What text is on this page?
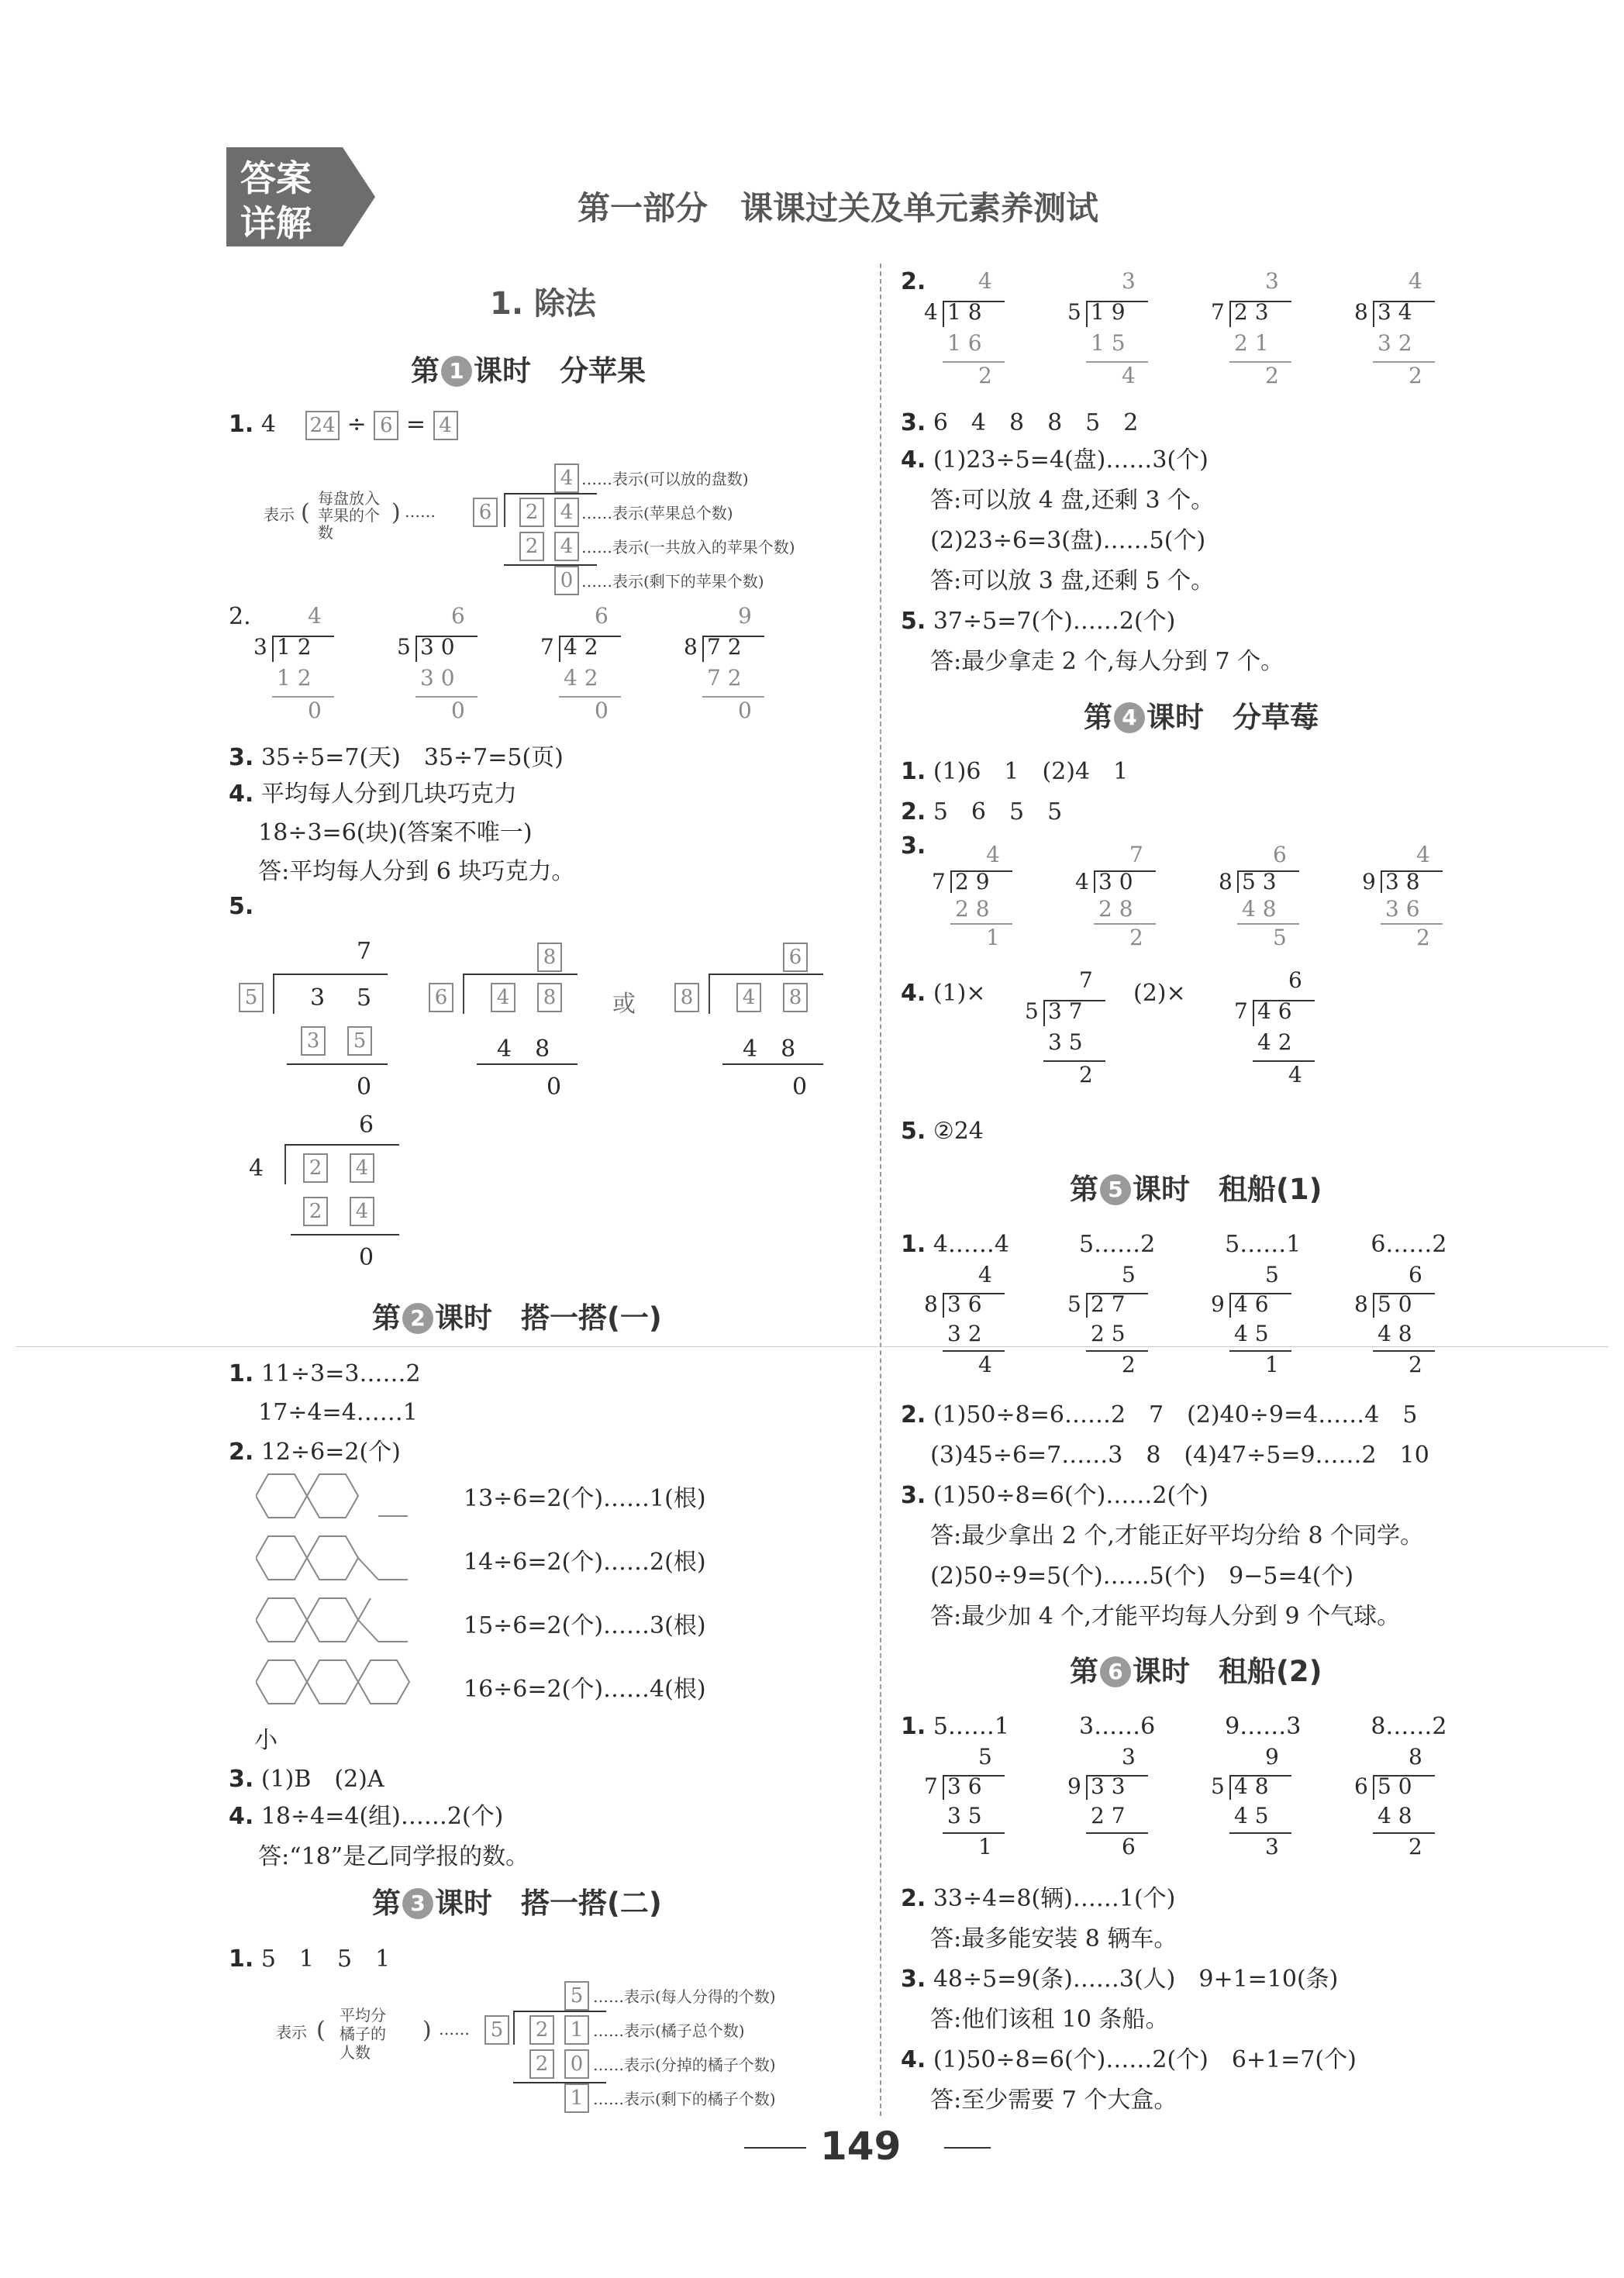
答案
详解	第一部分　课课过关及单元素养测试
1. 除法
第 1 课时　分苹果
1. 4 24 ÷ 6 = 4
表示 (
每盘放入苹果的个数
) …… 6
4
2 4
2 4
0
……表示(可以放的盘数)
……表示(苹果总个数)
……表示(一共放入的苹果个数)
……表示(剩下的苹果个数)
2.	4
3 1 2
1 2
0
6
5 3 0
3 0
0
6
7 4 2
4 2
0
9
8 7 2
7 2
0
3. 35÷5=7(天)　35÷7=5(页)
4. 平均每人分到几块巧克力
18÷3=6(块)(答案不唯一)
答:平均每人分到 6 块巧克力。
5.
7
5 3 5
3 5
0
8
6 4 8
4　8
0
或
6
8 4 8
4　8
0
6
4 2 4
2 4
0
第 2 课时　搭一搭(一)
1. 11÷3=3……2
17÷4=4……1
2. 12÷6=2(个)
13÷6=2(个)……1(根)
14÷6=2(个)……2(根)
15÷6=2(个)……3(根)
16÷6=2(个)……4(根)
小
3. (1)B　(2)A
4. 18÷4=4(组)……2(个)
答:“18”是乙同学报的数。
第 3 课时　搭一搭(二)
1. 5　1　5　1
表示 (
平均分橘子的人数
) …… 5
5
2 1
2 0
1
……表示(每人分得的个数)
……表示(橘子总个数)
……表示(分掉的橘子个数)
……表示(剩下的橘子个数)
2. 4
4 1 8
1 6
2
3
5 1 9
1 5
4
3
7 2 3
2 1
2
4
8 3 4
3 2
2
3. 6　4　8　8　5　2
4. (1)23÷5=4(盘)……3(个)
答:可以放 4 盘,还剩 3 个。
(2)23÷6=3(盘)……5(个)
答:可以放 3 盘,还剩 5 个。
5. 37÷5=7(个)……2(个)
答:最少拿走 2 个,每人分到 7 个。
第 4 课时　分草莓
1. (1)6　1　(2)4　1
2. 5　6　5　5
3.	4
7 2 9
2 8
1
7
4 3 0
2 8
2
6
8 5 3
4 8
5
4
9 3 8
3 6
2
4. (1)×	(2)×
7
5 3 7
3 5
2
6
7 4 6
4 2
4
5. ②24
第 5 课时　租船(1)
1. 4……4　　　5……2　　　5……1　　　6……2
4
8 3 6
3 2
4
5
5 2 7
2 5
2
5
9 4 6
4 5
1
6
8 5 0
4 8
2
2. (1)50÷8=6……2　7　(2)40÷9=4……4　5
(3)45÷6=7……3　8　(4)47÷5=9……2　10
3. (1)50÷8=6(个)……2(个)
答:最少拿出 2 个,才能正好平均分给 8 个同学。
(2)50÷9=5(个)……5(个)　9−5=4(个)
答:最少加 4 个,才能平均每人分到 9 个气球。
第 6 课时　租船(2)
1. 5……1　　　3……6　　　9……3　　　8……2
5
7 3 6
3 5
1
3
9 3 3
2 7
6
9
5 4 8
4 5
3
8
6 5 0
4 8
2
2. 33÷4=8(辆)……1(个)
答:最多能安装 8 辆车。
3. 48÷5=9(条)……3(人)　9+1=10(条)
答:他们该租 10 条船。
4. (1)50÷8=6(个)……2(个)　6+1=7(个)
答:至少需要 7 个大盒。
149
